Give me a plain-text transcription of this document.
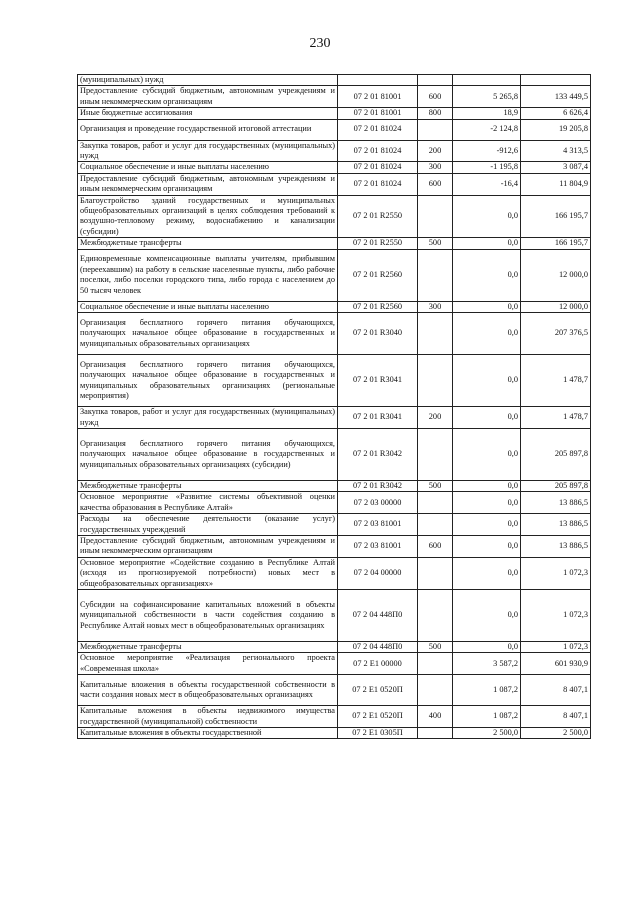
230
(муниципальных) нужд				
Предоставление субсидий бюджетным, автономным учреждениям и иным некоммерческим организациям	07 2 01 81001	600	5 265,8	133 449,5
Иные бюджетные ассигнования	07 2 01 81001	800	18,9	6 626,4
Организация и проведение государственной итоговой аттестации	07 2 01 81024		-2 124,8	19 205,8
Закупка товаров, работ и услуг для государственных (муниципальных) нужд	07 2 01 81024	200	-912,6	4 313,5
Социальное обеспечение и иные выплаты населению	07 2 01 81024	300	-1 195,8	3 087,4
Предоставление субсидий бюджетным, автономным учреждениям и иным некоммерческим организациям	07 2 01 81024	600	-16,4	11 804,9
Благоустройство зданий государственных и муниципальных общеобразовательных организаций в целях соблюдения требований к воздушно-тепловому режиму, водоснабжению и канализации (субсидии)	07 2 01 R2550		0,0	166 195,7
Межбюджетные трансферты	07 2 01 R2550	500	0,0	166 195,7
Единовременные компенсационные выплаты учителям, прибывшим (переехавшим) на работу в сельские населенные пункты, либо рабочие поселки, либо поселки городского типа, либо города с населением до 50 тысяч человек	07 2 01 R2560		0,0	12 000,0
Социальное обеспечение и иные выплаты населению	07 2 01 R2560	300	0,0	12 000,0
Организация бесплатного горячего питания обучающихся, получающих начальное общее образование в государственных и муниципальных образовательных организациях	07 2 01 R3040		0,0	207 376,5
Организация бесплатного горячего питания обучающихся, получающих начальное общее образование в государственных и муниципальных образовательных организациях (региональные мероприятия)	07 2 01 R3041		0,0	1 478,7
Закупка товаров, работ и услуг для государственных (муниципальных) нужд	07 2 01 R3041	200	0,0	1 478,7
Организация бесплатного горячего питания обучающихся, получающих начальное общее образование в государственных и муниципальных образовательных организациях (субсидии)	07 2 01 R3042		0,0	205 897,8
Межбюджетные трансферты	07 2 01 R3042	500	0,0	205 897,8
Основное мероприятие «Развитие системы объективной оценки качества образования в Республике Алтай»	07 2 03 00000		0,0	13 886,5
Расходы на обеспечение деятельности (оказание услуг) государственных учреждений	07 2 03 81001		0,0	13 886,5
Предоставление субсидий бюджетным, автономным учреждениям и иным некоммерческим организациям	07 2 03 81001	600	0,0	13 886,5
Основное мероприятие «Содействие созданию в Республике Алтай (исходя из прогнозируемой потребности) новых мест в общеобразовательных организациях»	07 2 04 00000		0,0	1 072,3
Субсидии на софинансирование капитальных вложений в объекты муниципальной собственности в части содействия созданию в Республике Алтай новых мест в общеобразовательных организациях	07 2 04 448П0		0,0	1 072,3
Межбюджетные трансферты	07 2 04 448П0	500	0,0	1 072,3
Основное мероприятие «Реализация регионального проекта «Современная школа»	07 2 E1 00000		3 587,2	601 930,9
Капитальные вложения в объекты государственной собственности в части создания новых мест в общеобразовательных организациях	07 2 E1 0520П		1 087,2	8 407,1
Капитальные вложения в объекты недвижимого имущества государственной (муниципальной) собственности	07 2 E1 0520П	400	1 087,2	8 407,1
Капитальные вложения в объекты государственной	07 2 E1 0305П		2 500,0	2 500,0
